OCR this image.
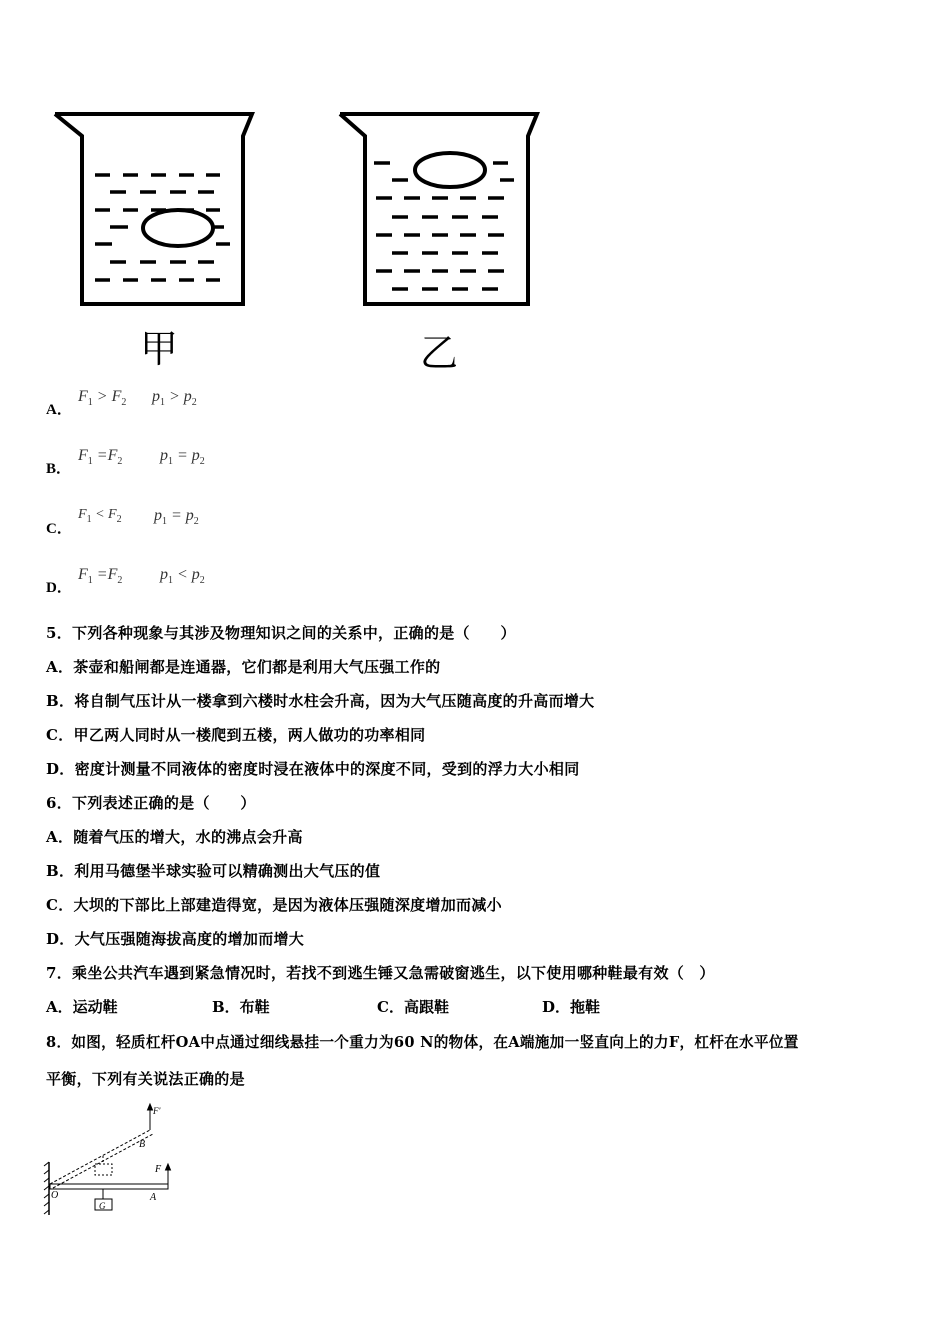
甲	乙
A．
$F_1 > F_2$ $p_1 > p_2$
B．
$F_1 =F_2$ $p_1 = p_2$
C．
$F_1 < F_2$ $p_1 = p_2$
D．
$F_1 =F_2$ $p_1 < p_2$
5．下列各种现象与其涉及物理知识之间的关系中，正确的是（　　）
A．茶壶和船闸都是连通器，它们都是利用大气压强工作的
B．将自制气压计从一楼拿到六楼时水柱会升高，因为大气压随高度的升高而增大
C．甲乙两人同时从一楼爬到五楼，两人做功的功率相同
D．密度计测量不同液体的密度时浸在液体中的深度不同，受到的浮力大小相同
6．下列表述正确的是（　　）
A．随着气压的增大，水的沸点会升高
B．利用马德堡半球实验可以精确测出大气压的值
C．大坝的下部比上部建造得宽，是因为液体压强随深度增加而减小
D．大气压强随海拔高度的增加而增大
7．乘坐公共汽车遇到紧急情况时，若找不到逃生锤又急需破窗逃生，以下使用哪种鞋最有效（　）
A．运动鞋	B．布鞋	C．高跟鞋	D．拖鞋
8．如图，轻质杠杆OA中点通过细线悬挂一个重力为60 N的物体，在A端施加一竖直向上的力F，杠杆在水平位置
平衡，下列有关说法正确的是
O	A
B
F
F'
G
